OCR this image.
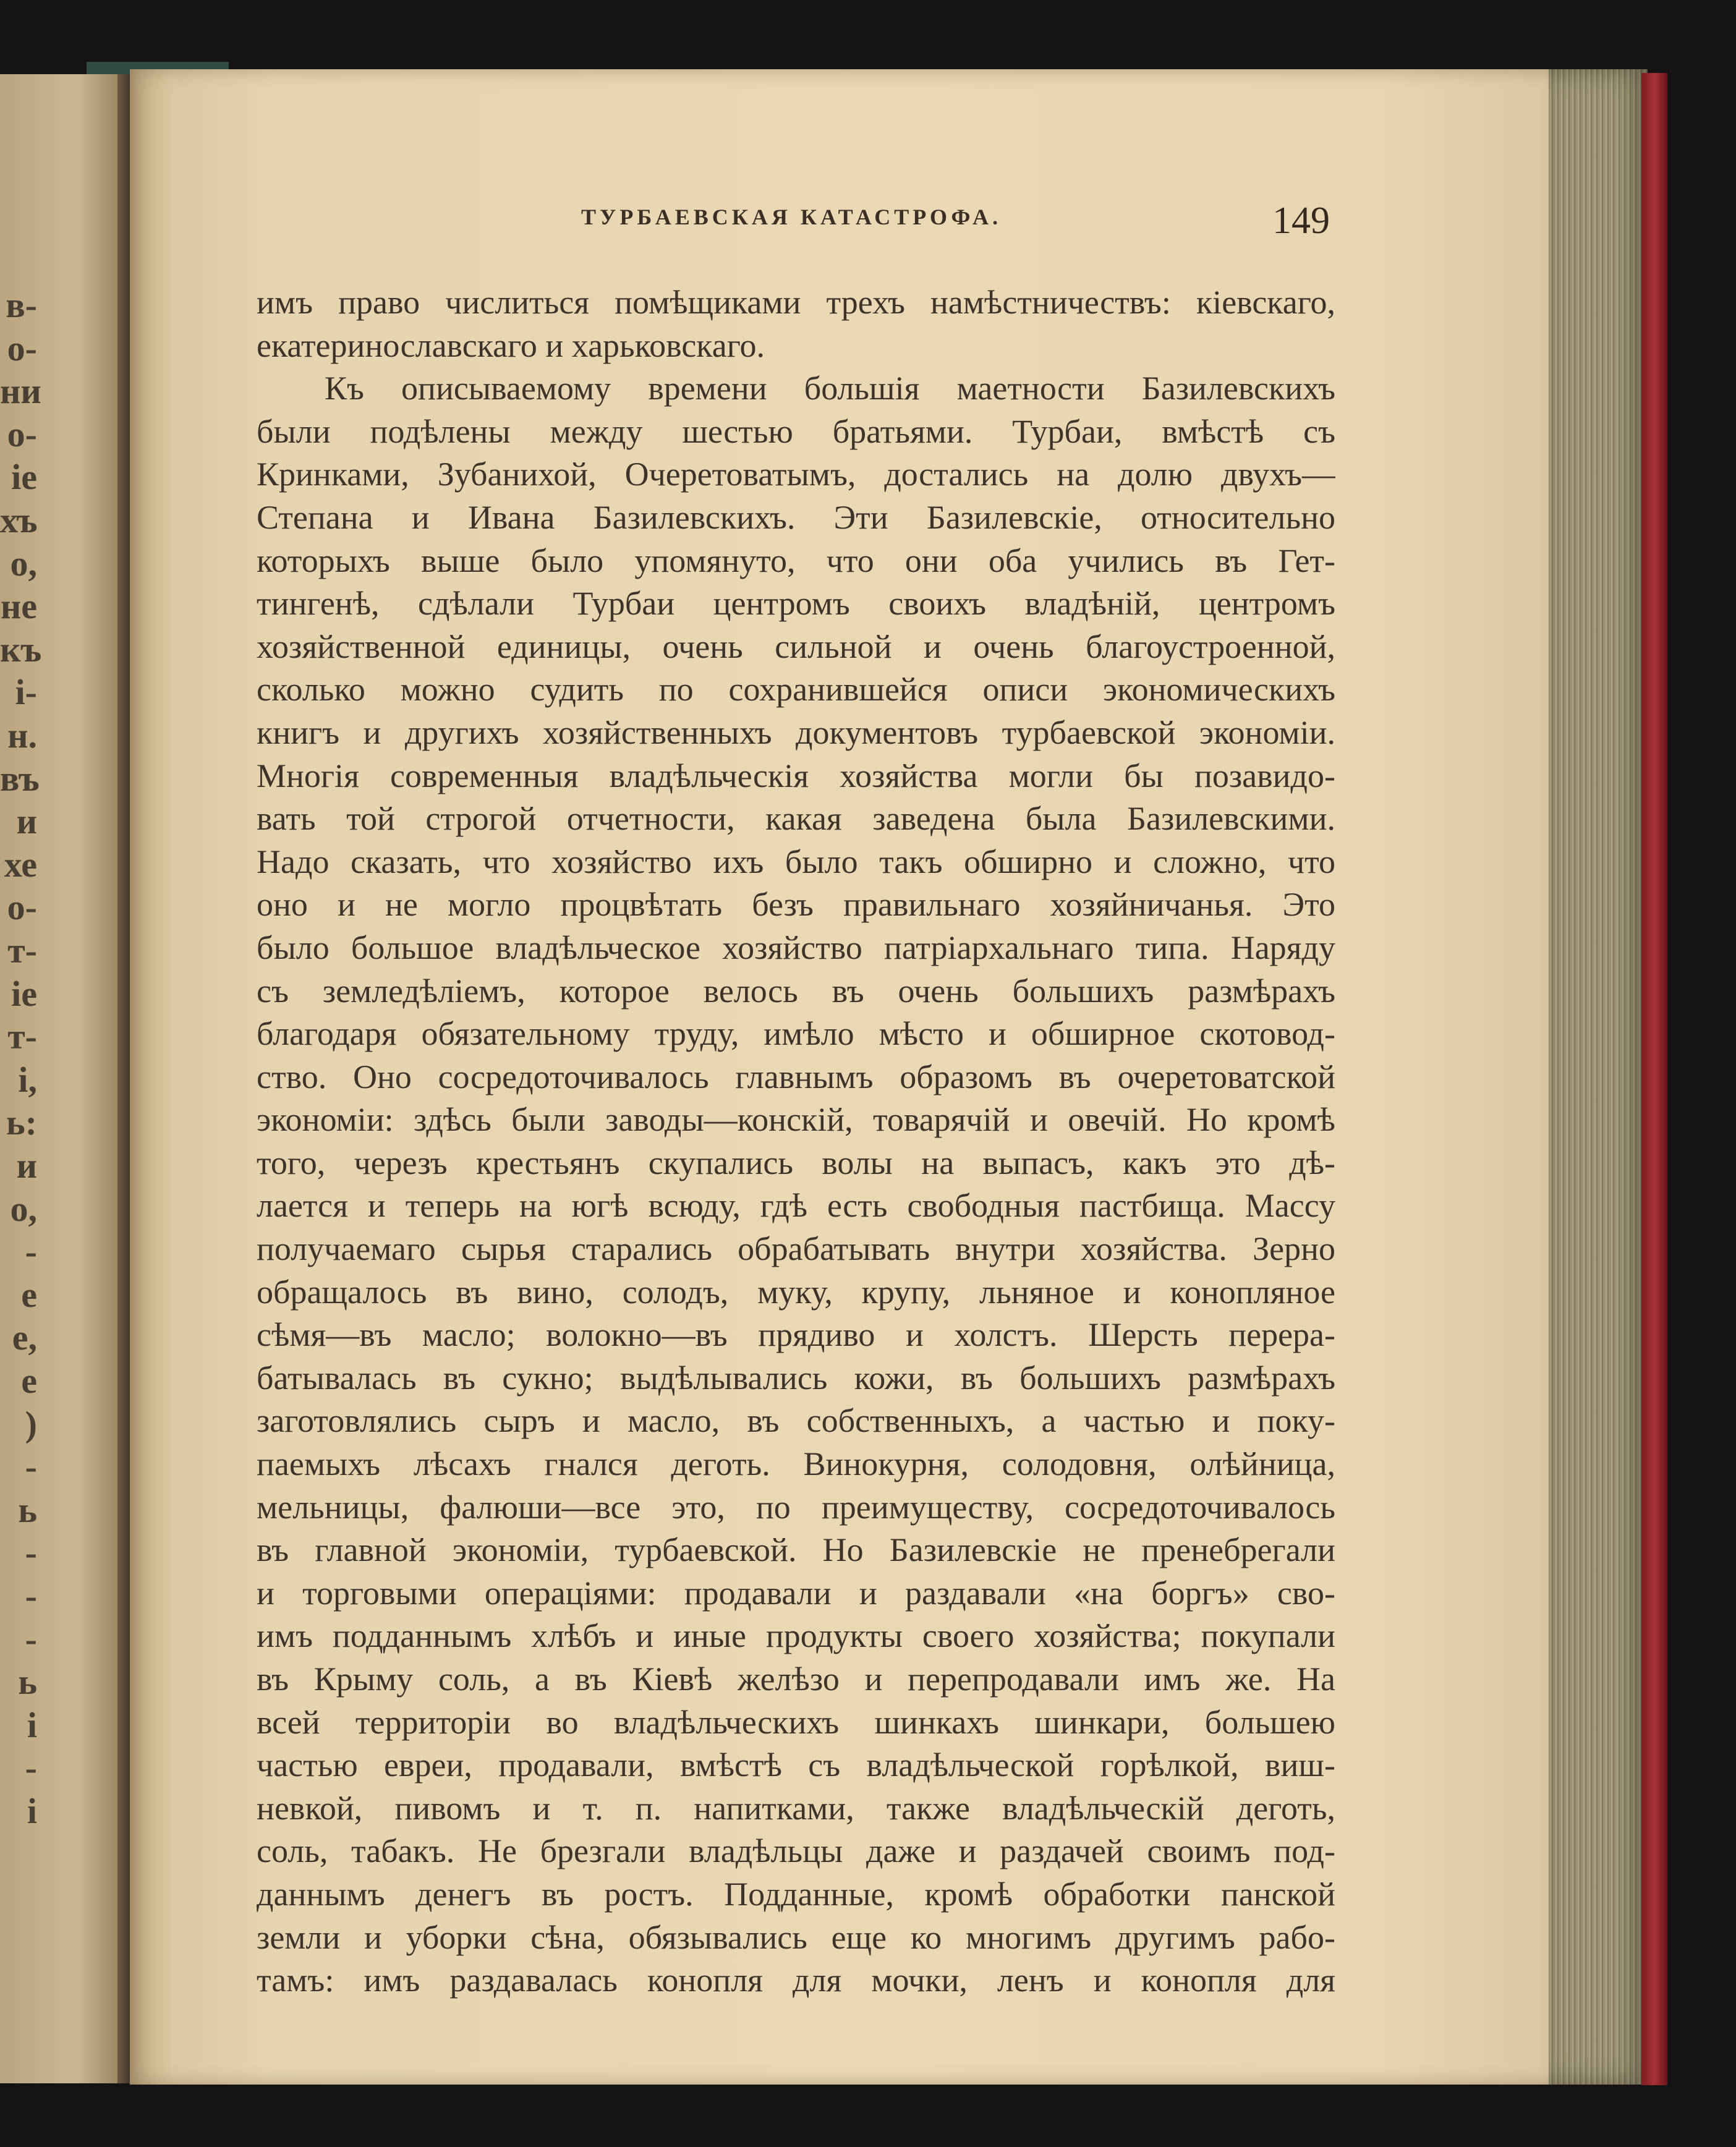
в-
о-
ни
о-
іе
хъ
о,
не
къ
і-
н.
въ
и
хе
о-
т-
іе
т-
і,
ь:
и
о,
-
е
е,
е
)
-
ь
-
-
-
ь
і
-
і
ТУРБАЕВСКАЯ КАТАСТРОФА.	149
имъ право числиться помѣщиками трехъ намѣстничествъ: кіевскаго,
екатеринославскаго и харьковскаго.
Къ описываемому времени большія маетности Базилевскихъ
были подѣлены между шестью братьями. Турбаи, вмѣстѣ съ
Кринками, Зубанихой, Очеретоватымъ, достались на долю двухъ—
Степана и Ивана Базилевскихъ. Эти Базилевскіе, относительно
которыхъ выше было упомянуто, что они оба учились въ Гет-
тингенѣ, сдѣлали Турбаи центромъ своихъ владѣній, центромъ
хозяйственной единицы, очень сильной и очень благоустроенной,
сколько можно судить по сохранившейся описи экономическихъ
книгъ и другихъ хозяйственныхъ документовъ турбаевской экономіи.
Многія современныя владѣльческія хозяйства могли бы позавидо-
вать той строгой отчетности, какая заведена была Базилевскими.
Надо сказать, что хозяйство ихъ было такъ обширно и сложно, что
оно и не могло процвѣтать безъ правильнаго хозяйничанья. Это
было большое владѣльческое хозяйство патріархальнаго типа. Наряду
съ земледѣліемъ, которое велось въ очень большихъ размѣрахъ
благодаря обязательному труду, имѣло мѣсто и обширное скотовод-
ство. Оно сосредоточивалось главнымъ образомъ въ очеретоватской
экономіи: здѣсь были заводы—конскій, товарячій и овечій. Но кромѣ
того, черезъ крестьянъ скупались волы на выпасъ, какъ это дѣ-
лается и теперь на югѣ всюду, гдѣ есть свободныя пастбища. Массу
получаемаго сырья старались обрабатывать внутри хозяйства. Зерно
обращалось въ вино, солодъ, муку, крупу, льняное и конопляное
сѣмя—въ масло; волокно—въ прядиво и холстъ. Шерсть перера-
батывалась въ сукно; выдѣлывались кожи, въ большихъ размѣрахъ
заготовлялись сыръ и масло, въ собственныхъ, а частью и поку-
паемыхъ лѣсахъ гнался деготь. Винокурня, солодовня, олѣйница,
мельницы, фалюши—все это, по преимуществу, сосредоточивалось
въ главной экономіи, турбаевской. Но Базилевскіе не пренебрегали
и торговыми операціями: продавали и раздавали «на боргъ» сво-
имъ подданнымъ хлѣбъ и иные продукты своего хозяйства; покупали
въ Крыму соль, а въ Кіевѣ желѣзо и перепродавали имъ же. На
всей территоріи во владѣльческихъ шинкахъ шинкари, большею
частью евреи, продавали, вмѣстѣ съ владѣльческой горѣлкой, виш-
невкой, пивомъ и т. п. напитками, также владѣльческій деготь,
соль, табакъ. Не брезгали владѣльцы даже и раздачей своимъ под-
даннымъ денегъ въ ростъ. Подданные, кромѣ обработки панской
земли и уборки сѣна, обязывались еще ко многимъ другимъ рабо-
тамъ: имъ раздавалась конопля для мочки, ленъ и конопля для
